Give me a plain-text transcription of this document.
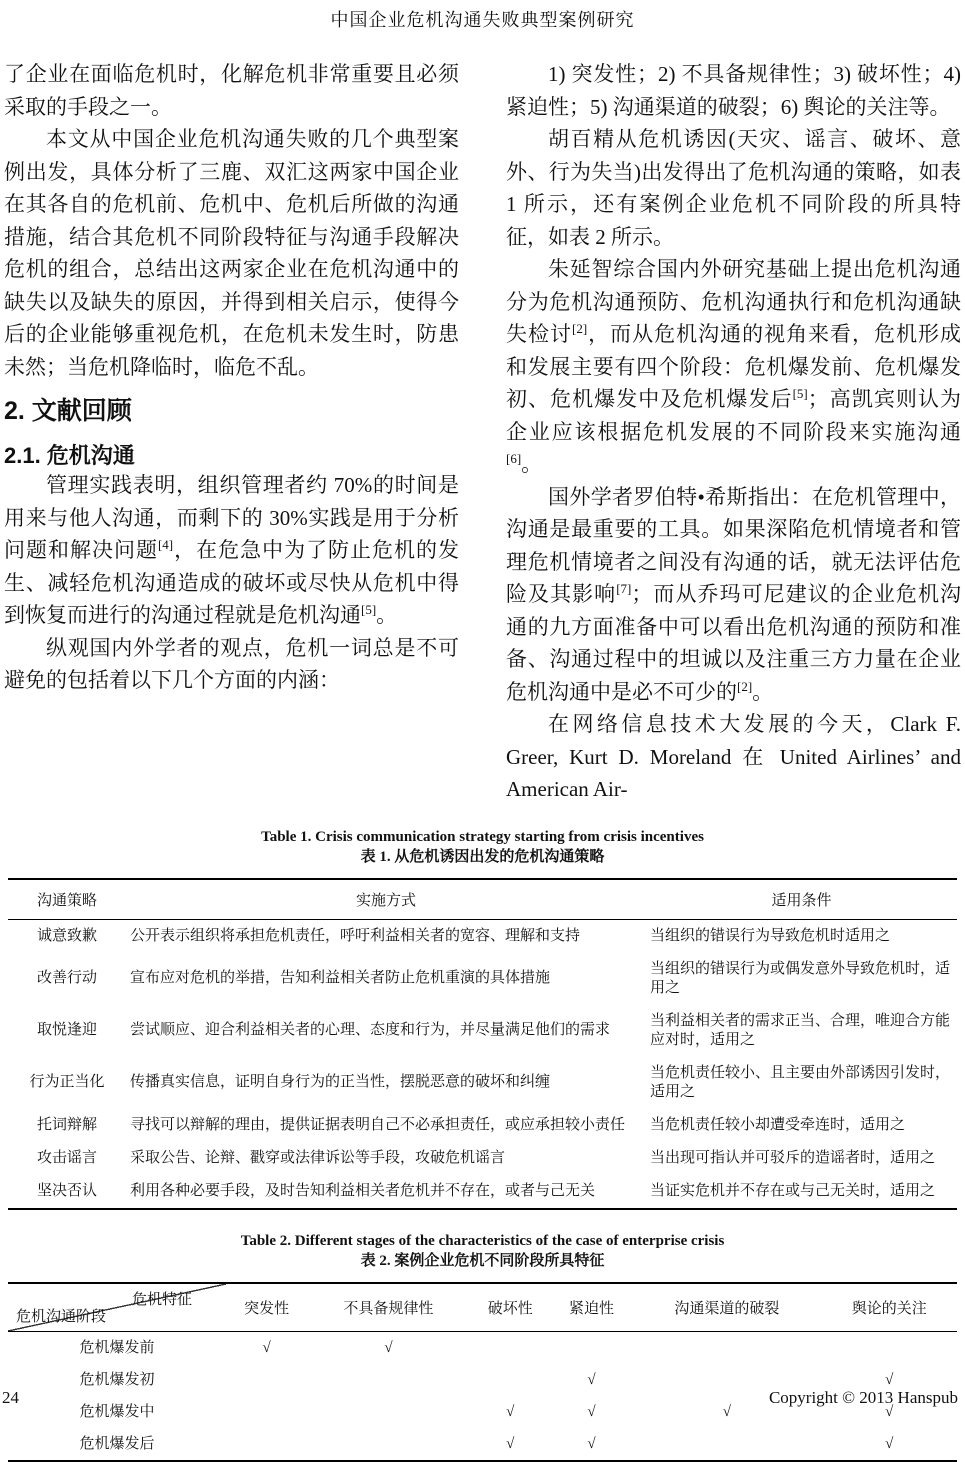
中国企业危机沟通失败典型案例研究

了企业在面临危机时，化解危机非常重要且必须采取的手段之一。

本文从中国企业危机沟通失败的几个典型案例出发，具体分析了三鹿、双汇这两家中国企业在其各自的危机前、危机中、危机后所做的沟通措施，结合其危机不同阶段特征与沟通手段解决危机的组合，总结出这两家企业在危机沟通中的缺失以及缺失的原因，并得到相关启示，使得今后的企业能够重视危机，在危机未发生时，防患未然；当危机降临时，临危不乱。

2. 文献回顾
2.1. 危机沟通

管理实践表明，组织管理者约 70%的时间是用来与他人沟通，而剩下的 30%实践是用于分析问题和解决问题[4]，在危急中为了防止危机的发生、减轻危机沟通造成的破坏或尽快从危机中得到恢复而进行的沟通过程就是危机沟通[5]。

纵观国内外学者的观点，危机一词总是不可避免的包括着以下几个方面的内涵：

1) 突发性；2) 不具备规律性；3) 破坏性；4) 紧迫性；5) 沟通渠道的破裂；6) 舆论的关注等。

胡百精从危机诱因(天灾、谣言、破坏、意外、行为失当)出发得出了危机沟通的策略，如表 1 所示，还有案例企业危机不同阶段的所具特征，如表 2 所示。

朱延智综合国内外研究基础上提出危机沟通分为危机沟通预防、危机沟通执行和危机沟通缺失检讨[2]，而从危机沟通的视角来看，危机形成和发展主要有四个阶段：危机爆发前、危机爆发初、危机爆发中及危机爆发后[5]；高凯宾则认为企业应该根据危机发展的不同阶段来实施沟通[6]。

国外学者罗伯特•希斯指出：在危机管理中，沟通是最重要的工具。如果深陷危机情境者和管理危机情境者之间没有沟通的话，就无法评估危险及其影响[7]；而从乔玛可尼建议的企业危机沟通的九方面准备中可以看出危机沟通的预防和准备、沟通过程中的坦诚以及注重三方力量在企业危机沟通中是必不可少的[2]。

在网络信息技术大发展的今天，Clark F. Greer, Kurt D. Moreland 在 United Airlines’ and American Air-

Table 1. Crisis communication strategy starting from crisis incentives
表 1. 从危机诱因出发的危机沟通策略
沟通策略	实施方式	适用条件
诚意致歉	公开表示组织将承担危机责任，呼吁利益相关者的宽容、理解和支持	当组织的错误行为导致危机时适用之
改善行动	宣布应对危机的举措，告知利益相关者防止危机重演的具体措施	当组织的错误行为或偶发意外导致危机时，适用之
取悦逢迎	尝试顺应、迎合利益相关者的心理、态度和行为，并尽量满足他们的需求	当利益相关者的需求正当、合理，唯迎合方能应对时，适用之
行为正当化	传播真实信息，证明自身行为的正当性，摆脱恶意的破坏和纠缠	当危机责任较小、且主要由外部诱因引发时，适用之
托词辩解	寻找可以辩解的理由，提供证据表明自己不必承担责任，或应承担较小责任	当危机责任较小却遭受牵连时，适用之
攻击谣言	采取公告、论辩、戳穿或法律诉讼等手段，攻破危机谣言	当出现可指认并可驳斥的造谣者时，适用之
坚决否认	利用各种必要手段，及时告知利益相关者危机并不存在，或者与己无关	当证实危机并不存在或与己无关时，适用之
Table 2. Different stages of the characteristics of the case of enterprise crisis
表 2. 案例企业危机不同阶段所具特征
危机特征
危机沟通阶段	突发性	不具备规律性	破坏性	紧迫性	沟通渠道的破裂	舆论的关注
危机爆发前	√	√				
危机爆发初				√		√
危机爆发中			√	√	√	√
危机爆发后			√	√		√
24	Copyright © 2013 Hanspub
